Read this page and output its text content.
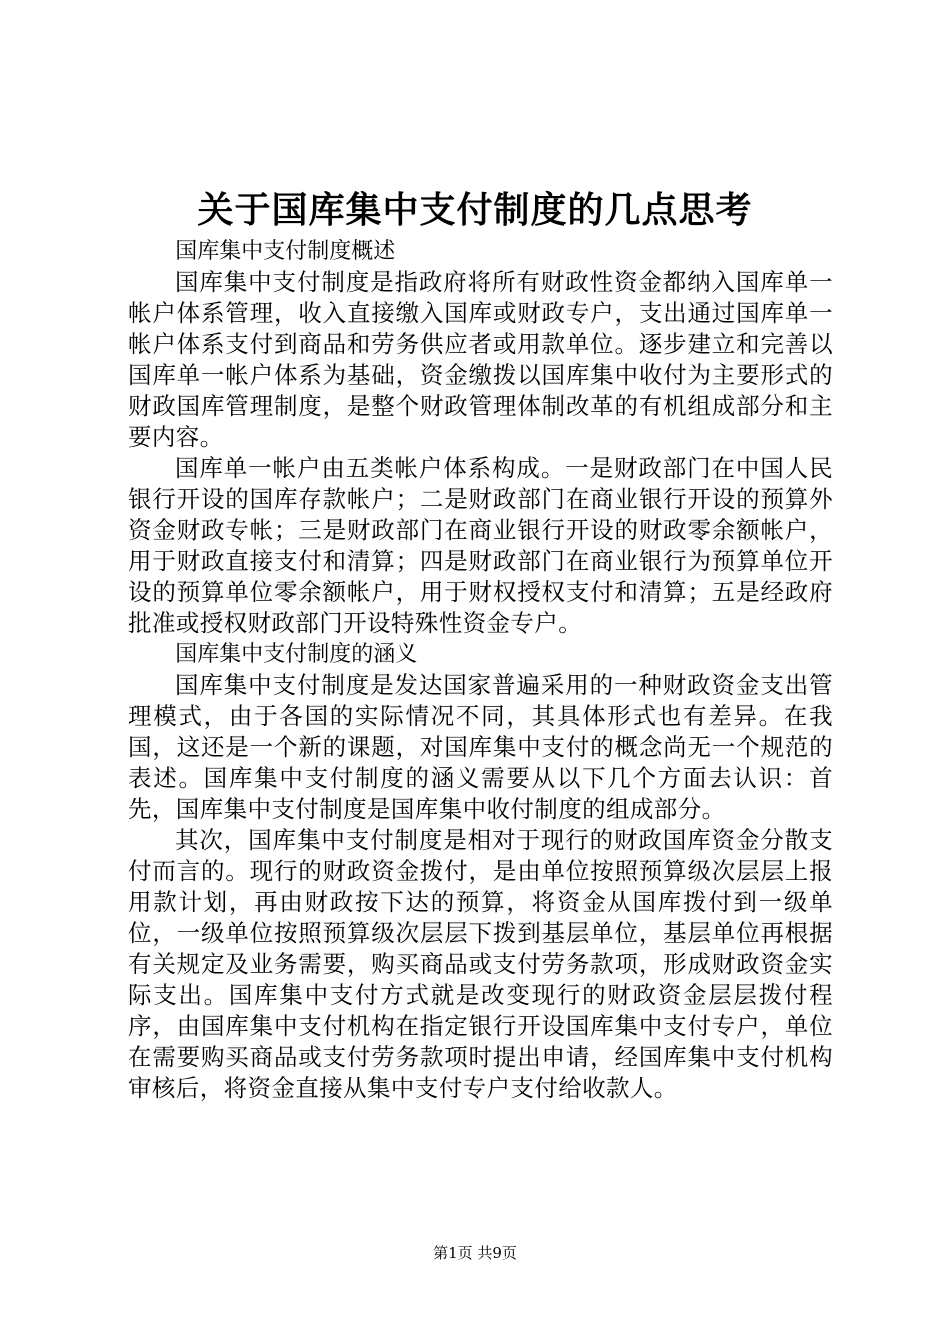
关于国库集中支付制度的几点思考

国库集中支付制度概述

国库集中支付制度是指政府将所有财政性资金都纳入国库单一帐户体系管理，收入直接缴入国库或财政专户，支出通过国库单一帐户体系支付到商品和劳务供应者或用款单位。逐步建立和完善以国库单一帐户体系为基础，资金缴拨以国库集中收付为主要形式的财政国库管理制度，是整个财政管理体制改革的有机组成部分和主要内容。

国库单一帐户由五类帐户体系构成。一是财政部门在中国人民银行开设的国库存款帐户；二是财政部门在商业银行开设的预算外资金财政专帐；三是财政部门在商业银行开设的财政零余额帐户，用于财政直接支付和清算；四是财政部门在商业银行为预算单位开设的预算单位零余额帐户，用于财权授权支付和清算；五是经政府批准或授权财政部门开设特殊性资金专户。

国库集中支付制度的涵义

国库集中支付制度是发达国家普遍采用的一种财政资金支出管理模式，由于各国的实际情况不同，其具体形式也有差异。在我国，这还是一个新的课题，对国库集中支付的概念尚无一个规范的表述。国库集中支付制度的涵义需要从以下几个方面去认识：首先，国库集中支付制度是国库集中收付制度的组成部分。

其次，国库集中支付制度是相对于现行的财政国库资金分散支付而言的。现行的财政资金拨付，是由单位按照预算级次层层上报用款计划，再由财政按下达的预算，将资金从国库拨付到一级单位，一级单位按照预算级次层层下拨到基层单位，基层单位再根据有关规定及业务需要，购买商品或支付劳务款项，形成财政资金实际支出。国库集中支付方式就是改变现行的财政资金层层拨付程序，由国库集中支付机构在指定银行开设国库集中支付专户，单位在需要购买商品或支付劳务款项时提出申请，经国库集中支付机构审核后，将资金直接从集中支付专户支付给收款人。

第1页 共9页
